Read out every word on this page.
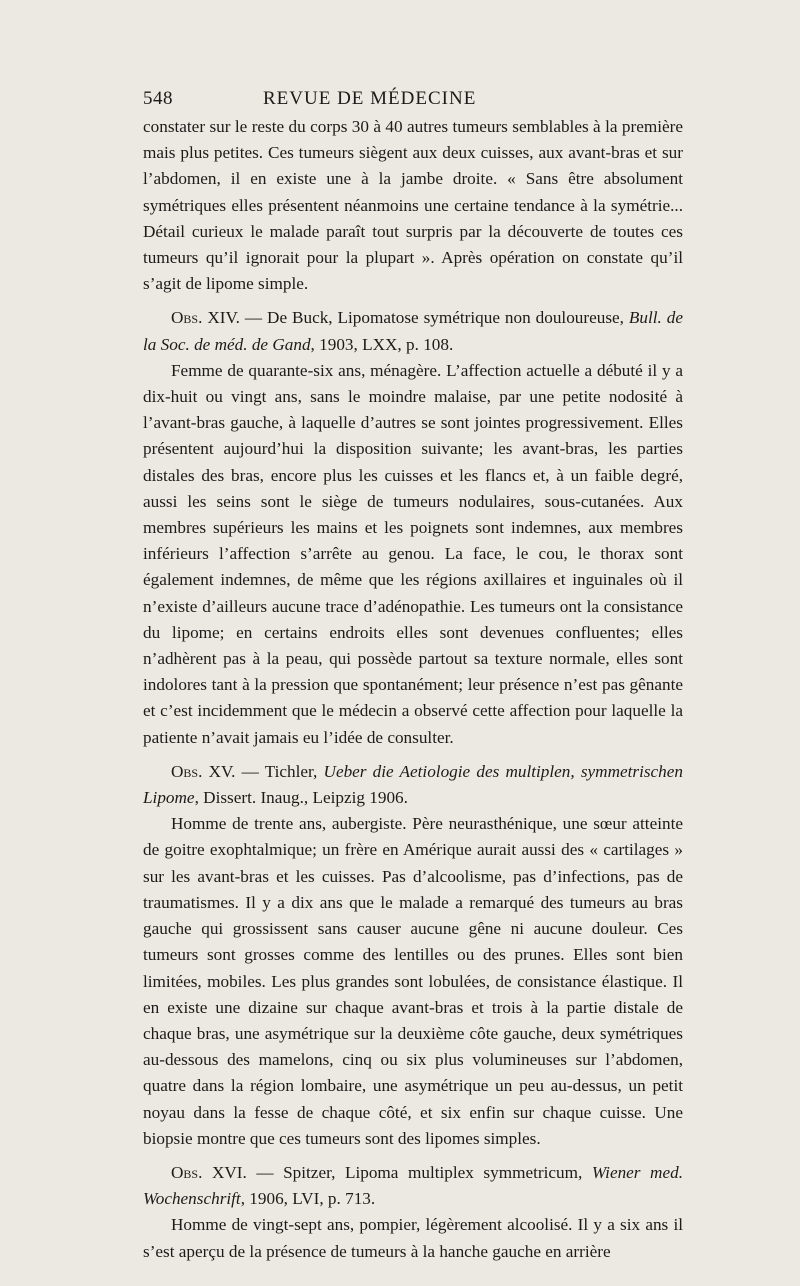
548	REVUE DE MÉDECINE

constater sur le reste du corps 30 à 40 autres tumeurs semblables à la première mais plus petites. Ces tumeurs siègent aux deux cuisses, aux avant-bras et sur l’abdomen, il en existe une à la jambe droite. « Sans être absolument symétriques elles présentent néanmoins une certaine tendance à la symétrie... Détail curieux le malade paraît tout surpris par la découverte de toutes ces tumeurs qu’il ignorait pour la plupart ». Après opération on constate qu’il s’agit de lipome simple.

Obs. XIV. — De Buck, Lipomatose symétrique non douloureuse, Bull. de la Soc. de méd. de Gand, 1903, LXX, p. 108.

Femme de quarante-six ans, ménagère. L’affection actuelle a débuté il y a dix-huit ou vingt ans, sans le moindre malaise, par une petite nodosité à l’avant-bras gauche, à laquelle d’autres se sont jointes progressivement. Elles présentent aujourd’hui la disposition suivante; les avant-bras, les parties distales des bras, encore plus les cuisses et les flancs et, à un faible degré, aussi les seins sont le siège de tumeurs nodulaires, sous-cutanées. Aux membres supérieurs les mains et les poignets sont indemnes, aux membres inférieurs l’affection s’arrête au genou. La face, le cou, le thorax sont également indemnes, de même que les régions axillaires et inguinales où il n’existe d’ailleurs aucune trace d’adénopathie. Les tumeurs ont la consistance du lipome; en certains endroits elles sont devenues confluentes; elles n’adhèrent pas à la peau, qui possède partout sa texture normale, elles sont indolores tant à la pression que spontanément; leur présence n’est pas gênante et c’est incidemment que le médecin a observé cette affection pour laquelle la patiente n’avait jamais eu l’idée de consulter.

Obs. XV. — Tichler, Ueber die Aetiologie des multiplen, symmetrischen Lipome, Dissert. Inaug., Leipzig 1906.

Homme de trente ans, aubergiste. Père neurasthénique, une sœur atteinte de goitre exophtalmique; un frère en Amérique aurait aussi des « cartilages » sur les avant-bras et les cuisses. Pas d’alcoolisme, pas d’infections, pas de traumatismes. Il y a dix ans que le malade a remarqué des tumeurs au bras gauche qui grossissent sans causer aucune gêne ni aucune douleur. Ces tumeurs sont grosses comme des lentilles ou des prunes. Elles sont bien limitées, mobiles. Les plus grandes sont lobulées, de consistance élastique. Il en existe une dizaine sur chaque avant-bras et trois à la partie distale de chaque bras, une asymétrique sur la deuxième côte gauche, deux symétriques au-dessous des mamelons, cinq ou six plus volumineuses sur l’abdomen, quatre dans la région lombaire, une asymétrique un peu au-dessus, un petit noyau dans la fesse de chaque côté, et six enfin sur chaque cuisse. Une biopsie montre que ces tumeurs sont des lipomes simples.

Obs. XVI. — Spitzer, Lipoma multiplex symmetricum, Wiener med. Wochenschrift, 1906, LVI, p. 713.

Homme de vingt-sept ans, pompier, légèrement alcoolisé. Il y a six ans il s’est aperçu de la présence de tumeurs à la hanche gauche en arrière
